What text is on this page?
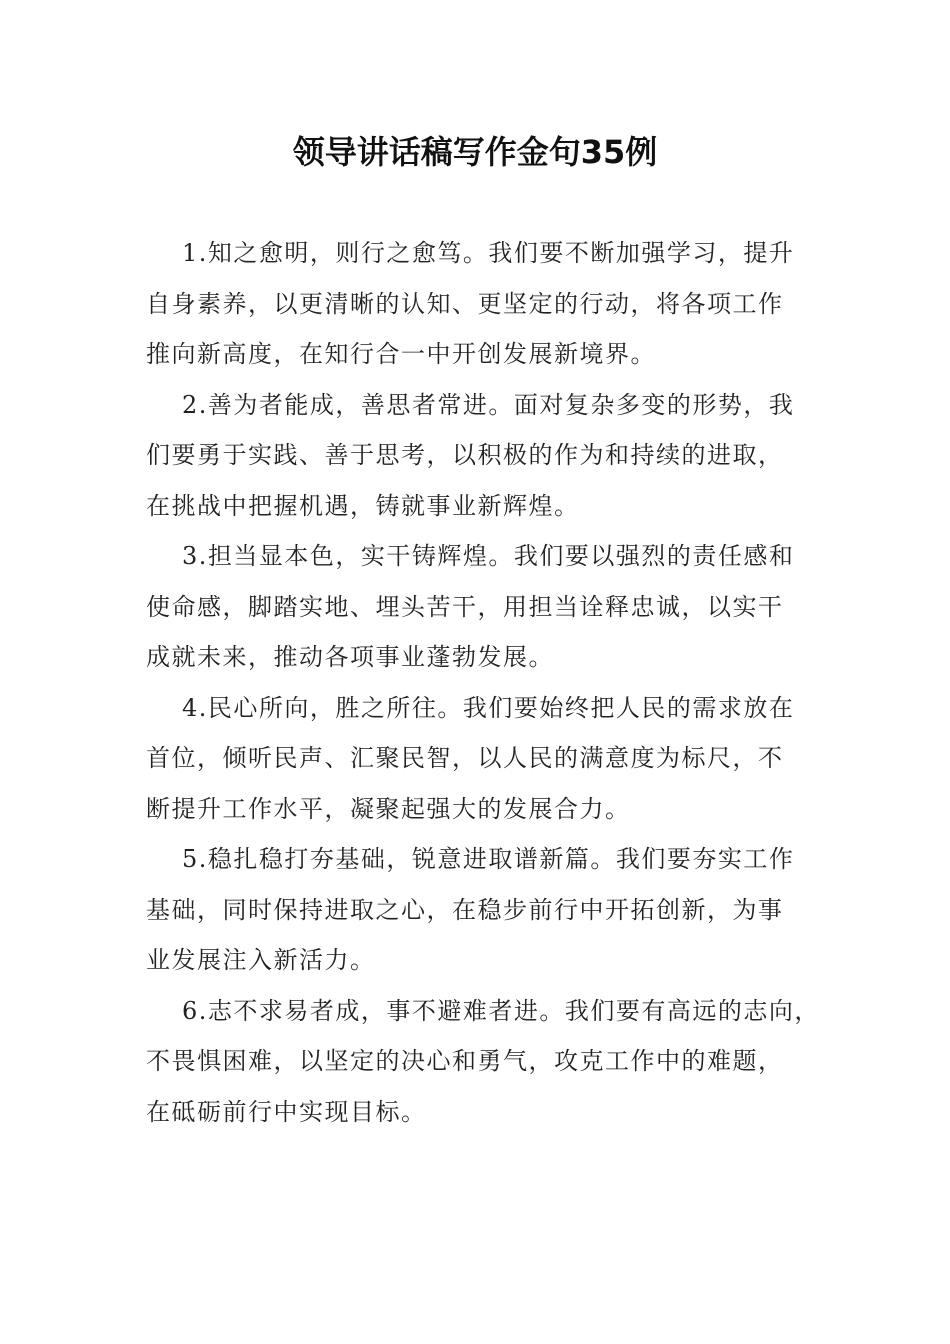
领导讲话稿写作金句35例

1.知之愈明，则行之愈笃。我们要不断加强学习，提升
自身素养，以更清晰的认知、更坚定的行动，将各项工作
推向新高度，在知行合一中开创发展新境界。

2.善为者能成，善思者常进。面对复杂多变的形势，我
们要勇于实践、善于思考，以积极的作为和持续的进取，
在挑战中把握机遇，铸就事业新辉煌。

3.担当显本色，实干铸辉煌。我们要以强烈的责任感和
使命感，脚踏实地、埋头苦干，用担当诠释忠诚，以实干
成就未来，推动各项事业蓬勃发展。

4.民心所向，胜之所往。我们要始终把人民的需求放在
首位，倾听民声、汇聚民智，以人民的满意度为标尺，不
断提升工作水平，凝聚起强大的发展合力。

5.稳扎稳打夯基础，锐意进取谱新篇。我们要夯实工作
基础，同时保持进取之心，在稳步前行中开拓创新，为事
业发展注入新活力。

6.志不求易者成，事不避难者进。我们要有高远的志向，
不畏惧困难，以坚定的决心和勇气，攻克工作中的难题，
在砥砺前行中实现目标。
